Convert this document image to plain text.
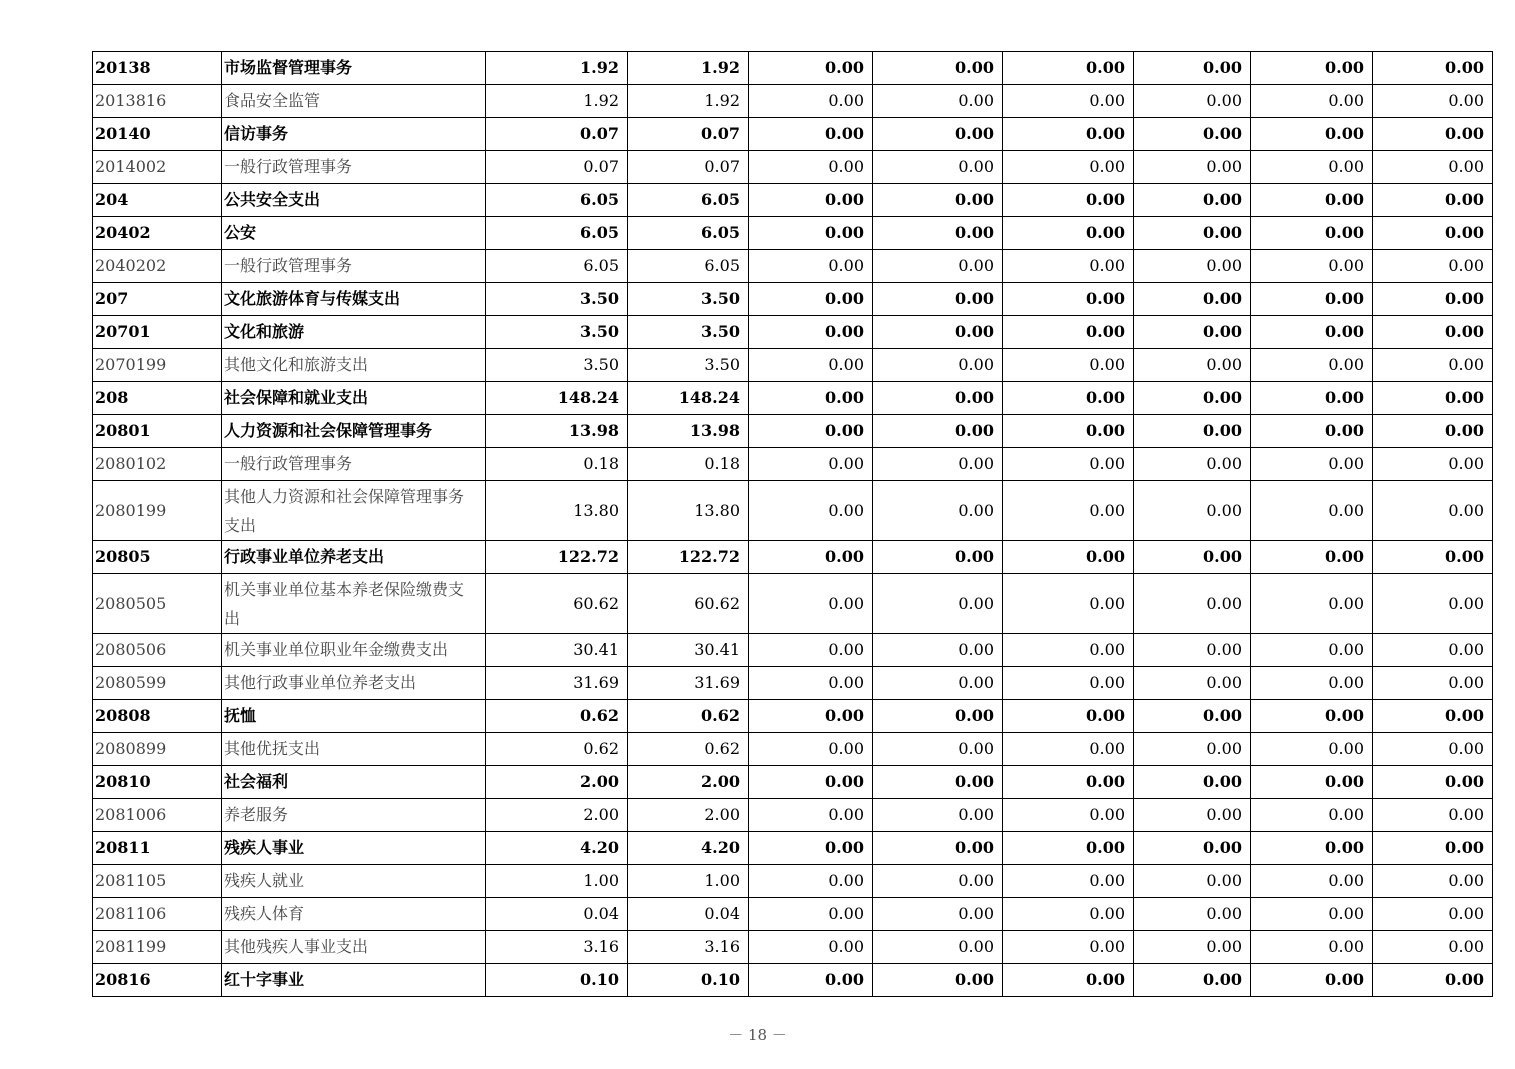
20138	市场监督管理事务	1.92	1.92	0.00	0.00	0.00	0.00	0.00	0.00
2013816	食品安全监管	1.92	1.92	0.00	0.00	0.00	0.00	0.00	0.00
20140	信访事务	0.07	0.07	0.00	0.00	0.00	0.00	0.00	0.00
2014002	一般行政管理事务	0.07	0.07	0.00	0.00	0.00	0.00	0.00	0.00
204	公共安全支出	6.05	6.05	0.00	0.00	0.00	0.00	0.00	0.00
20402	公安	6.05	6.05	0.00	0.00	0.00	0.00	0.00	0.00
2040202	一般行政管理事务	6.05	6.05	0.00	0.00	0.00	0.00	0.00	0.00
207	文化旅游体育与传媒支出	3.50	3.50	0.00	0.00	0.00	0.00	0.00	0.00
20701	文化和旅游	3.50	3.50	0.00	0.00	0.00	0.00	0.00	0.00
2070199	其他文化和旅游支出	3.50	3.50	0.00	0.00	0.00	0.00	0.00	0.00
208	社会保障和就业支出	148.24	148.24	0.00	0.00	0.00	0.00	0.00	0.00
20801	人力资源和社会保障管理事务	13.98	13.98	0.00	0.00	0.00	0.00	0.00	0.00
2080102	一般行政管理事务	0.18	0.18	0.00	0.00	0.00	0.00	0.00	0.00
2080199	其他人力资源和社会保障管理事务支出	13.80	13.80	0.00	0.00	0.00	0.00	0.00	0.00
20805	行政事业单位养老支出	122.72	122.72	0.00	0.00	0.00	0.00	0.00	0.00
2080505	机关事业单位基本养老保险缴费支出	60.62	60.62	0.00	0.00	0.00	0.00	0.00	0.00
2080506	机关事业单位职业年金缴费支出	30.41	30.41	0.00	0.00	0.00	0.00	0.00	0.00
2080599	其他行政事业单位养老支出	31.69	31.69	0.00	0.00	0.00	0.00	0.00	0.00
20808	抚恤	0.62	0.62	0.00	0.00	0.00	0.00	0.00	0.00
2080899	其他优抚支出	0.62	0.62	0.00	0.00	0.00	0.00	0.00	0.00
20810	社会福利	2.00	2.00	0.00	0.00	0.00	0.00	0.00	0.00
2081006	养老服务	2.00	2.00	0.00	0.00	0.00	0.00	0.00	0.00
20811	残疾人事业	4.20	4.20	0.00	0.00	0.00	0.00	0.00	0.00
2081105	残疾人就业	1.00	1.00	0.00	0.00	0.00	0.00	0.00	0.00
2081106	残疾人体育	0.04	0.04	0.00	0.00	0.00	0.00	0.00	0.00
2081199	其他残疾人事业支出	3.16	3.16	0.00	0.00	0.00	0.00	0.00	0.00
20816	红十字事业	0.10	0.10	0.00	0.00	0.00	0.00	0.00	0.00
－ 18 －
